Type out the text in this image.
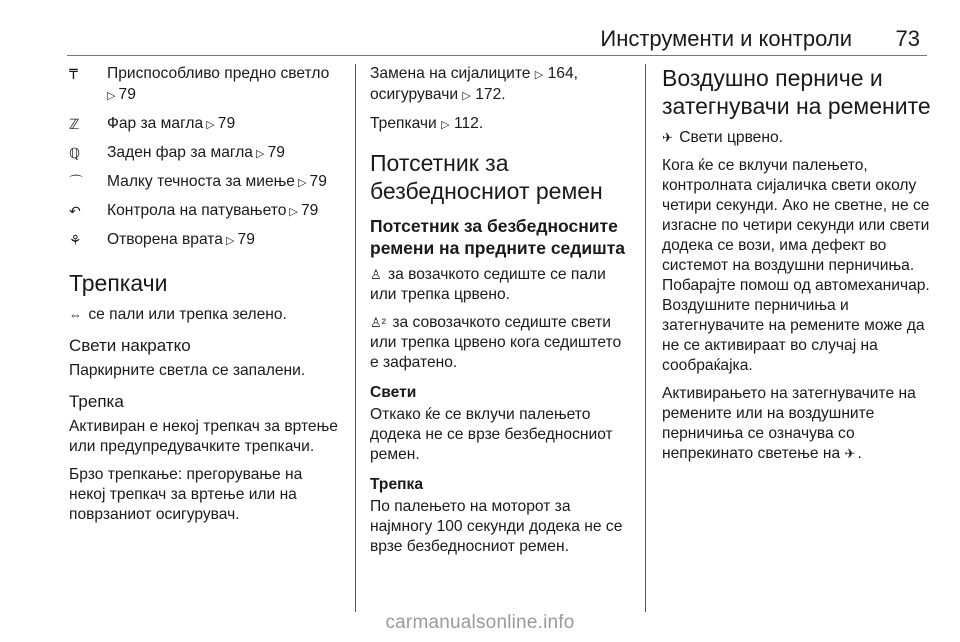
Инструменти и контроли 73
₸	Приспособливо предно светло ▷ 79
ℤ	Фар за магла ▷ 79
ℚ	Заден фар за магла ▷ 79
⌒	Малку течноста за миење ▷ 79
↶	Контрола на патувањето ▷ 79
⚘	Отворена врата ▷ 79
Трепкачи

⇔ се пали или трепка зелено.

Свети накратко

Паркирните светла се запалени.

Трепка

Активиран е некој трепкач за вртење или предупредувачките трепкачи.

Брзо трепкање: прегорување на некој трепкач за вртење или на поврзаниот осигурувач.

Замена на сијалиците ▷ 164, осигурувачи ▷ 172.

Трепкачи ▷ 112.

Потсетник за безбедносниот ремен
Потсетник за безбедносните ремени на предните седишта

♙ за возачкото седиште се пали или трепка црвено.

♙² за совозачкото седиште свети или трепка црвено кога седиштето е зафатено.

Свети

Откако ќе се вклучи палењето додека не се врзе безбедносниот ремен.

Трепка

По палењето на моторот за најмногу 100 секунди додека не се врзе безбедносниот ремен.

Воздушно перниче и затегнувачи на ремените

✈ Свети црвено.

Кога ќе се вклучи палењето, контролната сијаличка свети околу четири секунди. Ако не светне, не се изгасне по четири секунди или свети додека се вози, има дефект во системот на воздушни перничиња. Побарајте помош од автомеханичар. Воздушните перничиња и затегнувачите на ремените може да не се активираат во случај на сообраќајка.

Активирањето на затегнувачите на ремените или на воздушните перничиња се означува со непрекинато светење на ✈ .

carmanualsonline.info
